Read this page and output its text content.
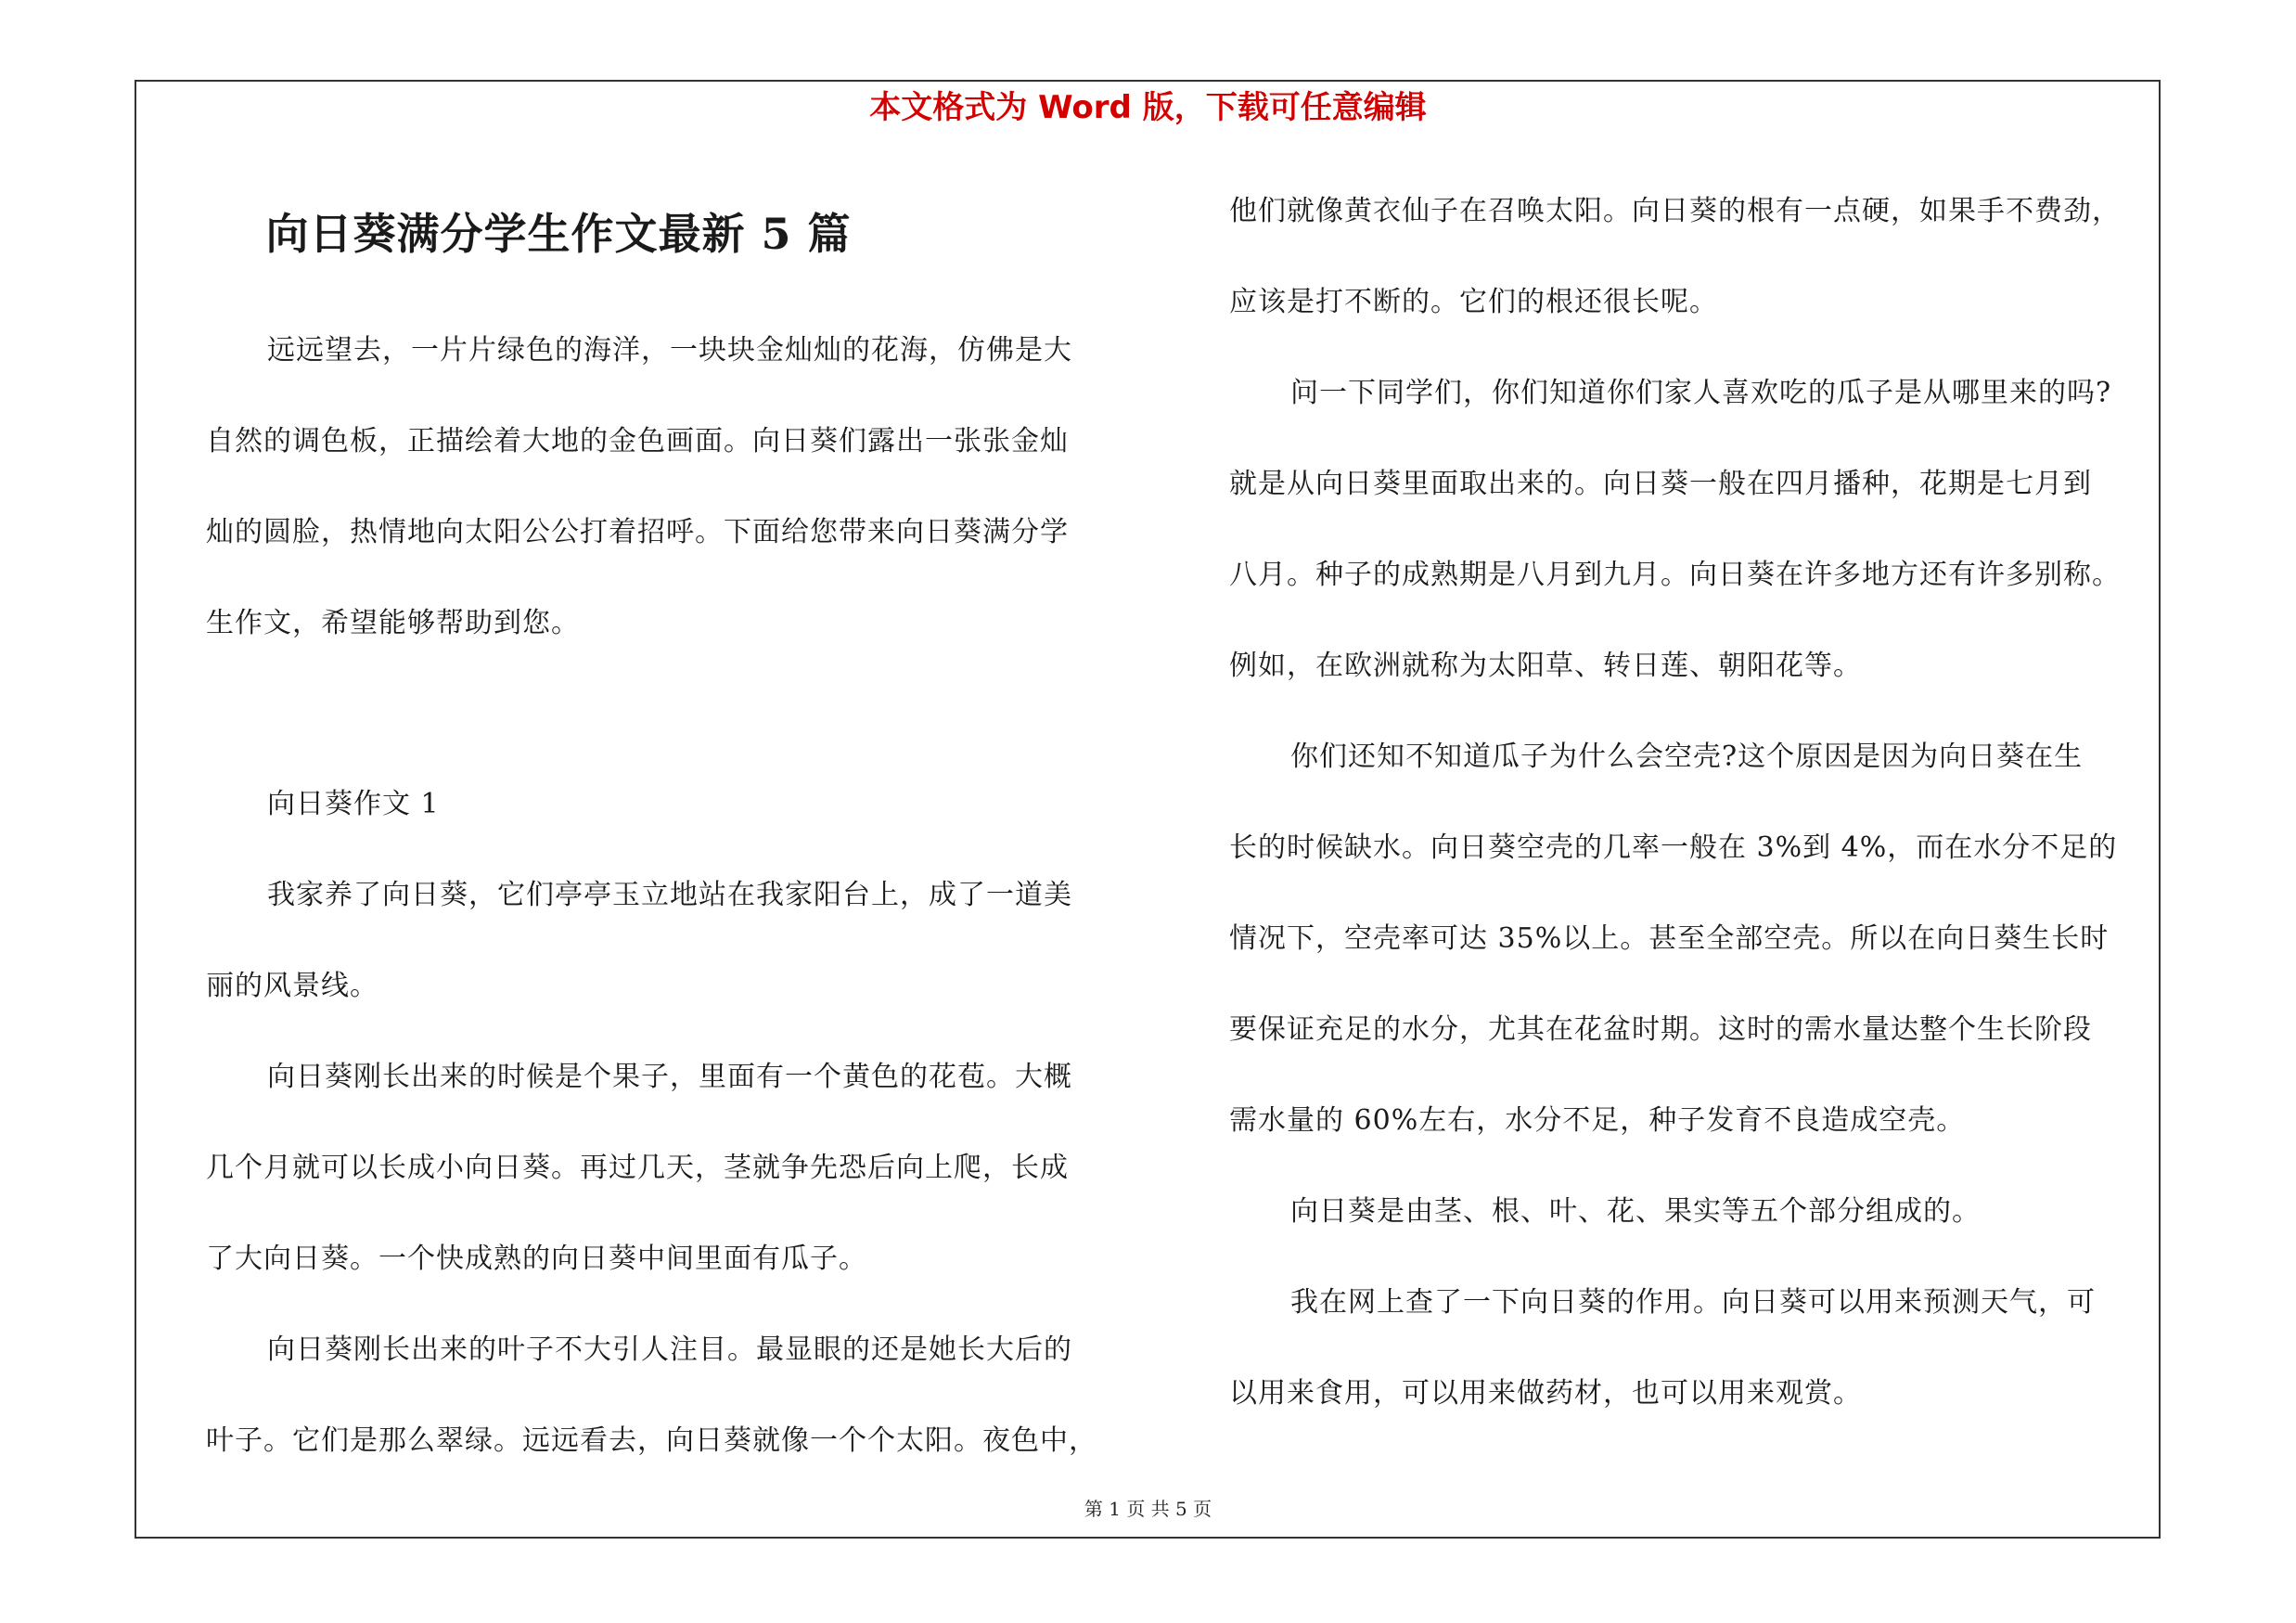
本文格式为 Word 版，下载可任意编辑
向日葵满分学生作文最新 5 篇
远远望去，一片片绿色的海洋，一块块金灿灿的花海，仿佛是大
自然的调色板，正描绘着大地的金色画面。向日葵们露出一张张金灿
灿的圆脸，热情地向太阳公公打着招呼。下面给您带来向日葵满分学
生作文，希望能够帮助到您。
向日葵作文 1
我家养了向日葵，它们亭亭玉立地站在我家阳台上，成了一道美
丽的风景线。
向日葵刚长出来的时候是个果子，里面有一个黄色的花苞。大概
几个月就可以长成小向日葵。再过几天，茎就争先恐后向上爬，长成
了大向日葵。一个快成熟的向日葵中间里面有瓜子。
向日葵刚长出来的叶子不大引人注目。最显眼的还是她长大后的
叶子。它们是那么翠绿。远远看去，向日葵就像一个个太阳。夜色中，
他们就像黄衣仙子在召唤太阳。向日葵的根有一点硬，如果手不费劲，
应该是打不断的。它们的根还很长呢。
问一下同学们，你们知道你们家人喜欢吃的瓜子是从哪里来的吗?
就是从向日葵里面取出来的。向日葵一般在四月播种，花期是七月到
八月。种子的成熟期是八月到九月。向日葵在许多地方还有许多别称。
例如，在欧洲就称为太阳草、转日莲、朝阳花等。
你们还知不知道瓜子为什么会空壳?这个原因是因为向日葵在生
长的时候缺水。向日葵空壳的几率一般在 3%到 4%，而在水分不足的
情况下，空壳率可达 35%以上。甚至全部空壳。所以在向日葵生长时
要保证充足的水分，尤其在花盆时期。这时的需水量达整个生长阶段
需水量的 60%左右，水分不足，种子发育不良造成空壳。
向日葵是由茎、根、叶、花、果实等五个部分组成的。
我在网上查了一下向日葵的作用。向日葵可以用来预测天气，可
以用来食用，可以用来做药材，也可以用来观赏。
第 1 页 共 5 页
